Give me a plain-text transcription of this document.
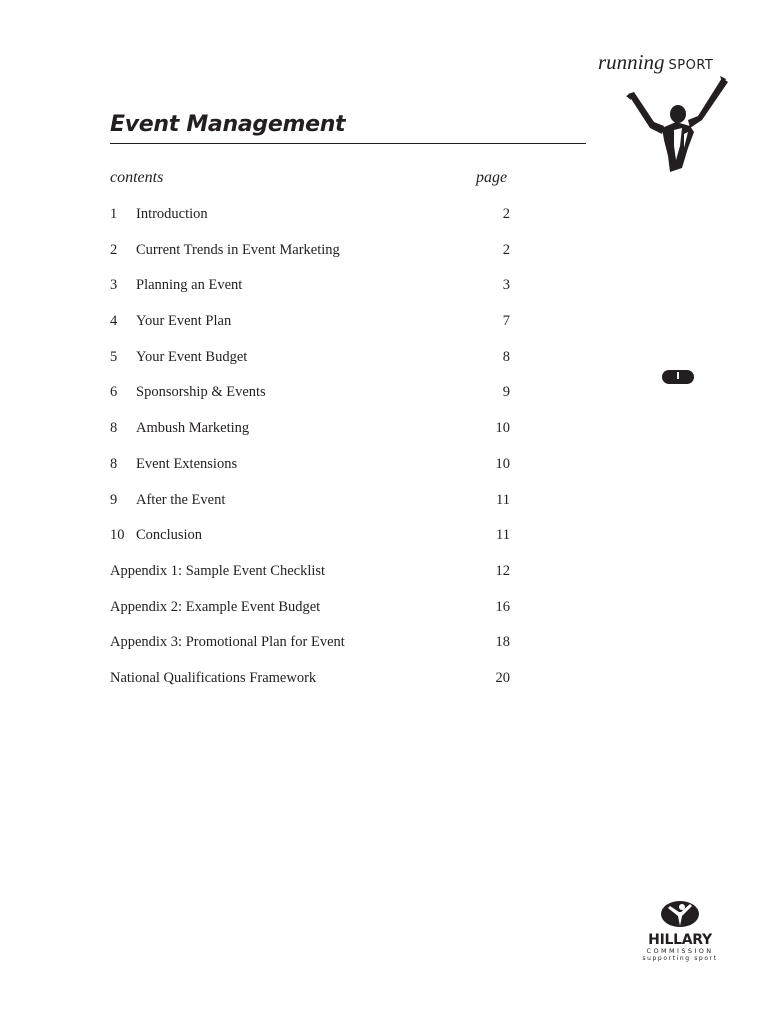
running SPORT
Event Management
contents	page
1 Introduction	2
2 Current Trends in Event Marketing	2
3 Planning an Event	3
4 Your Event Plan	7
5 Your Event Budget	8
6 Sponsorship & Events	9
8 Ambush Marketing	10
8 Event Extensions	10
9 After the Event	11
10 Conclusion	11
Appendix 1: Sample Event Checklist	12
Appendix 2: Example Event Budget	16
Appendix 3: Promotional Plan for Event	18
National Qualifications Framework	20
I
HILLARY
COMMISSION
supporting sport
